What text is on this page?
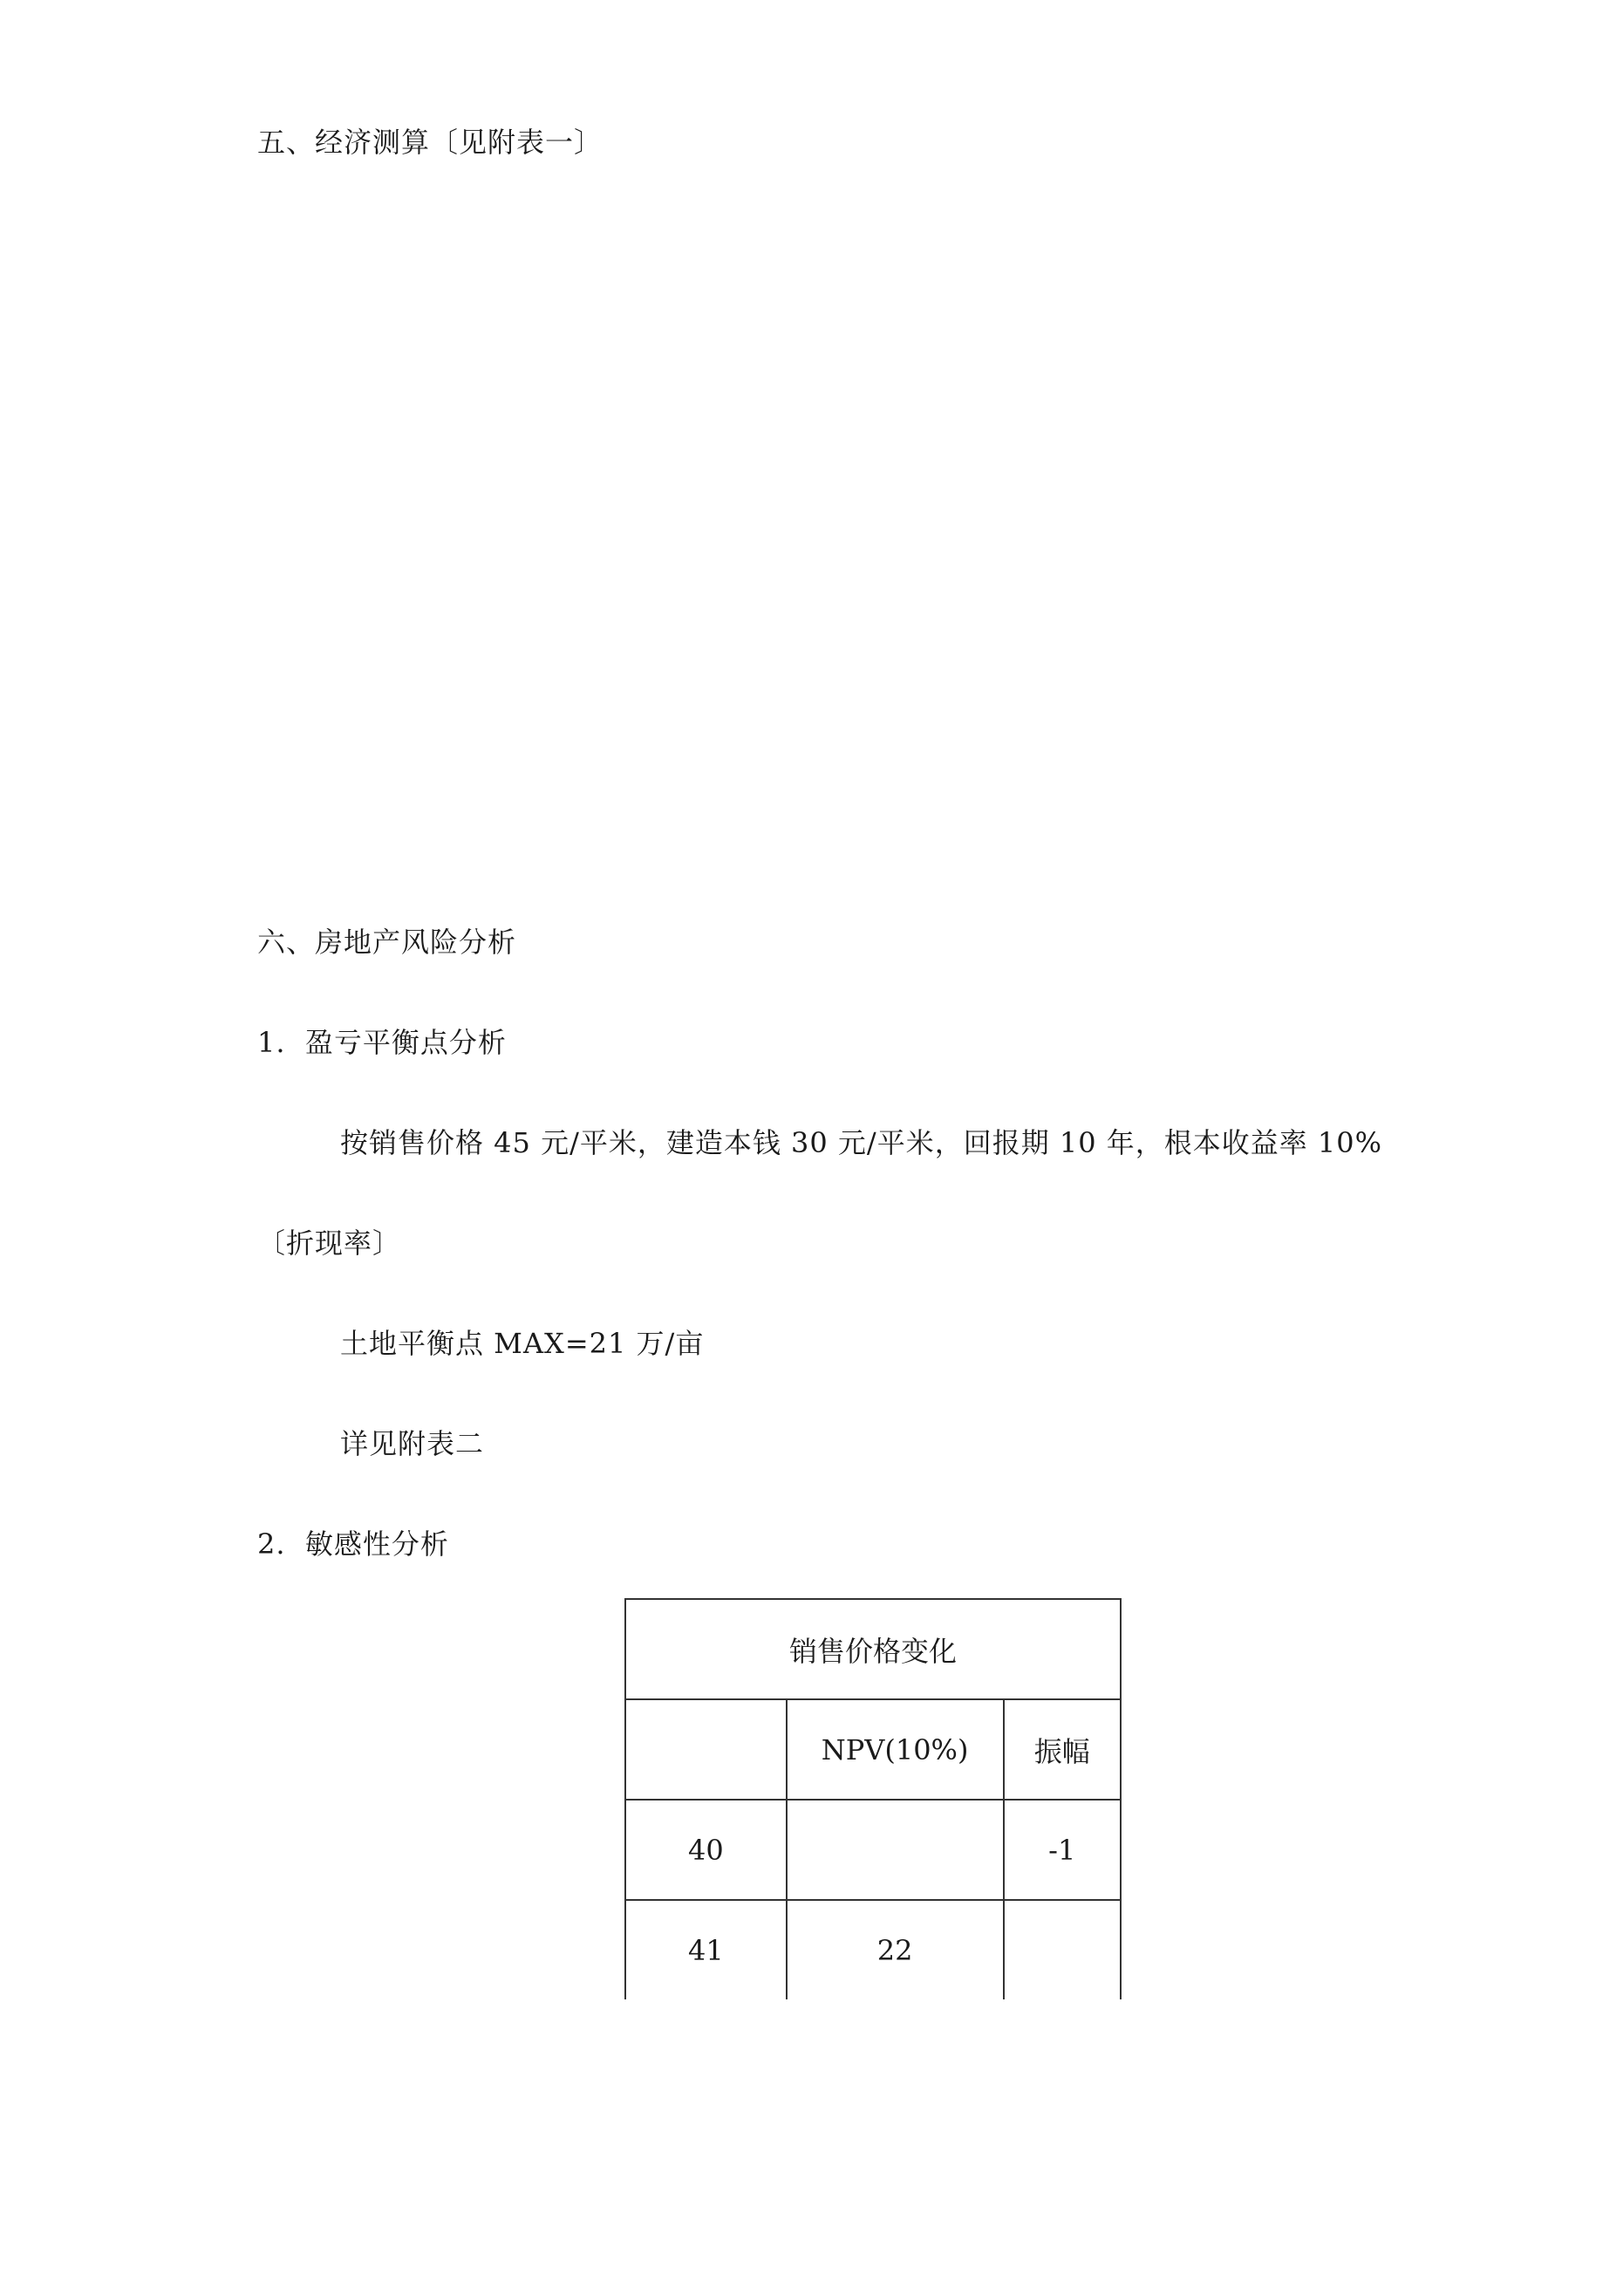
五、经济测算〔见附表一〕
六、房地产风险分析
1.  盈亏平衡点分析
按销售价格 45 元/平米，建造本钱 30 元/平米，回报期 10 年，根本收益率 10%
〔折现率〕
土地平衡点 MAX=21 万/亩
详见附表二
2.  敏感性分析
销售价格变化		
	NPV(10%)	振幅
40		-1
41	22	
